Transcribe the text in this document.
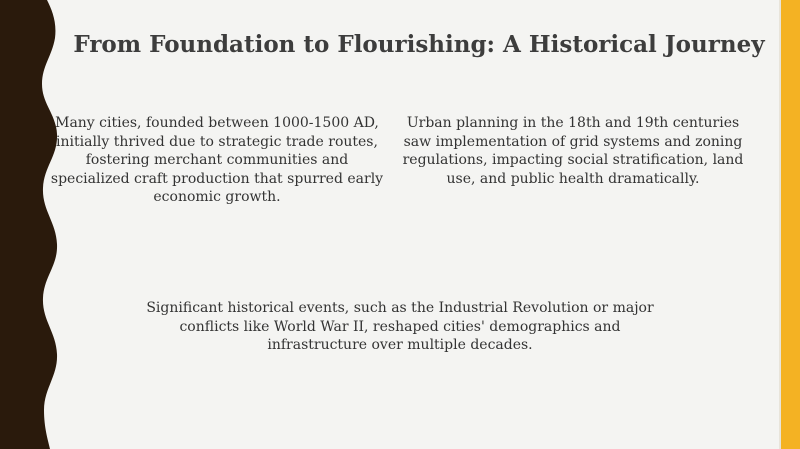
From Foundation to Flourishing: A Historical Journey
Many cities, founded between 1000-1500 AD, initially thrived due to strategic trade routes, fostering merchant communities and specialized craft production that spurred early economic growth.
Urban planning in the 18th and 19th centuries saw implementation of grid systems and zoning regulations, impacting social stratification, land use, and public health dramatically.
Significant historical events, such as the Industrial Revolution or major conflicts like World War II, reshaped cities' demographics and infrastructure over multiple decades.
